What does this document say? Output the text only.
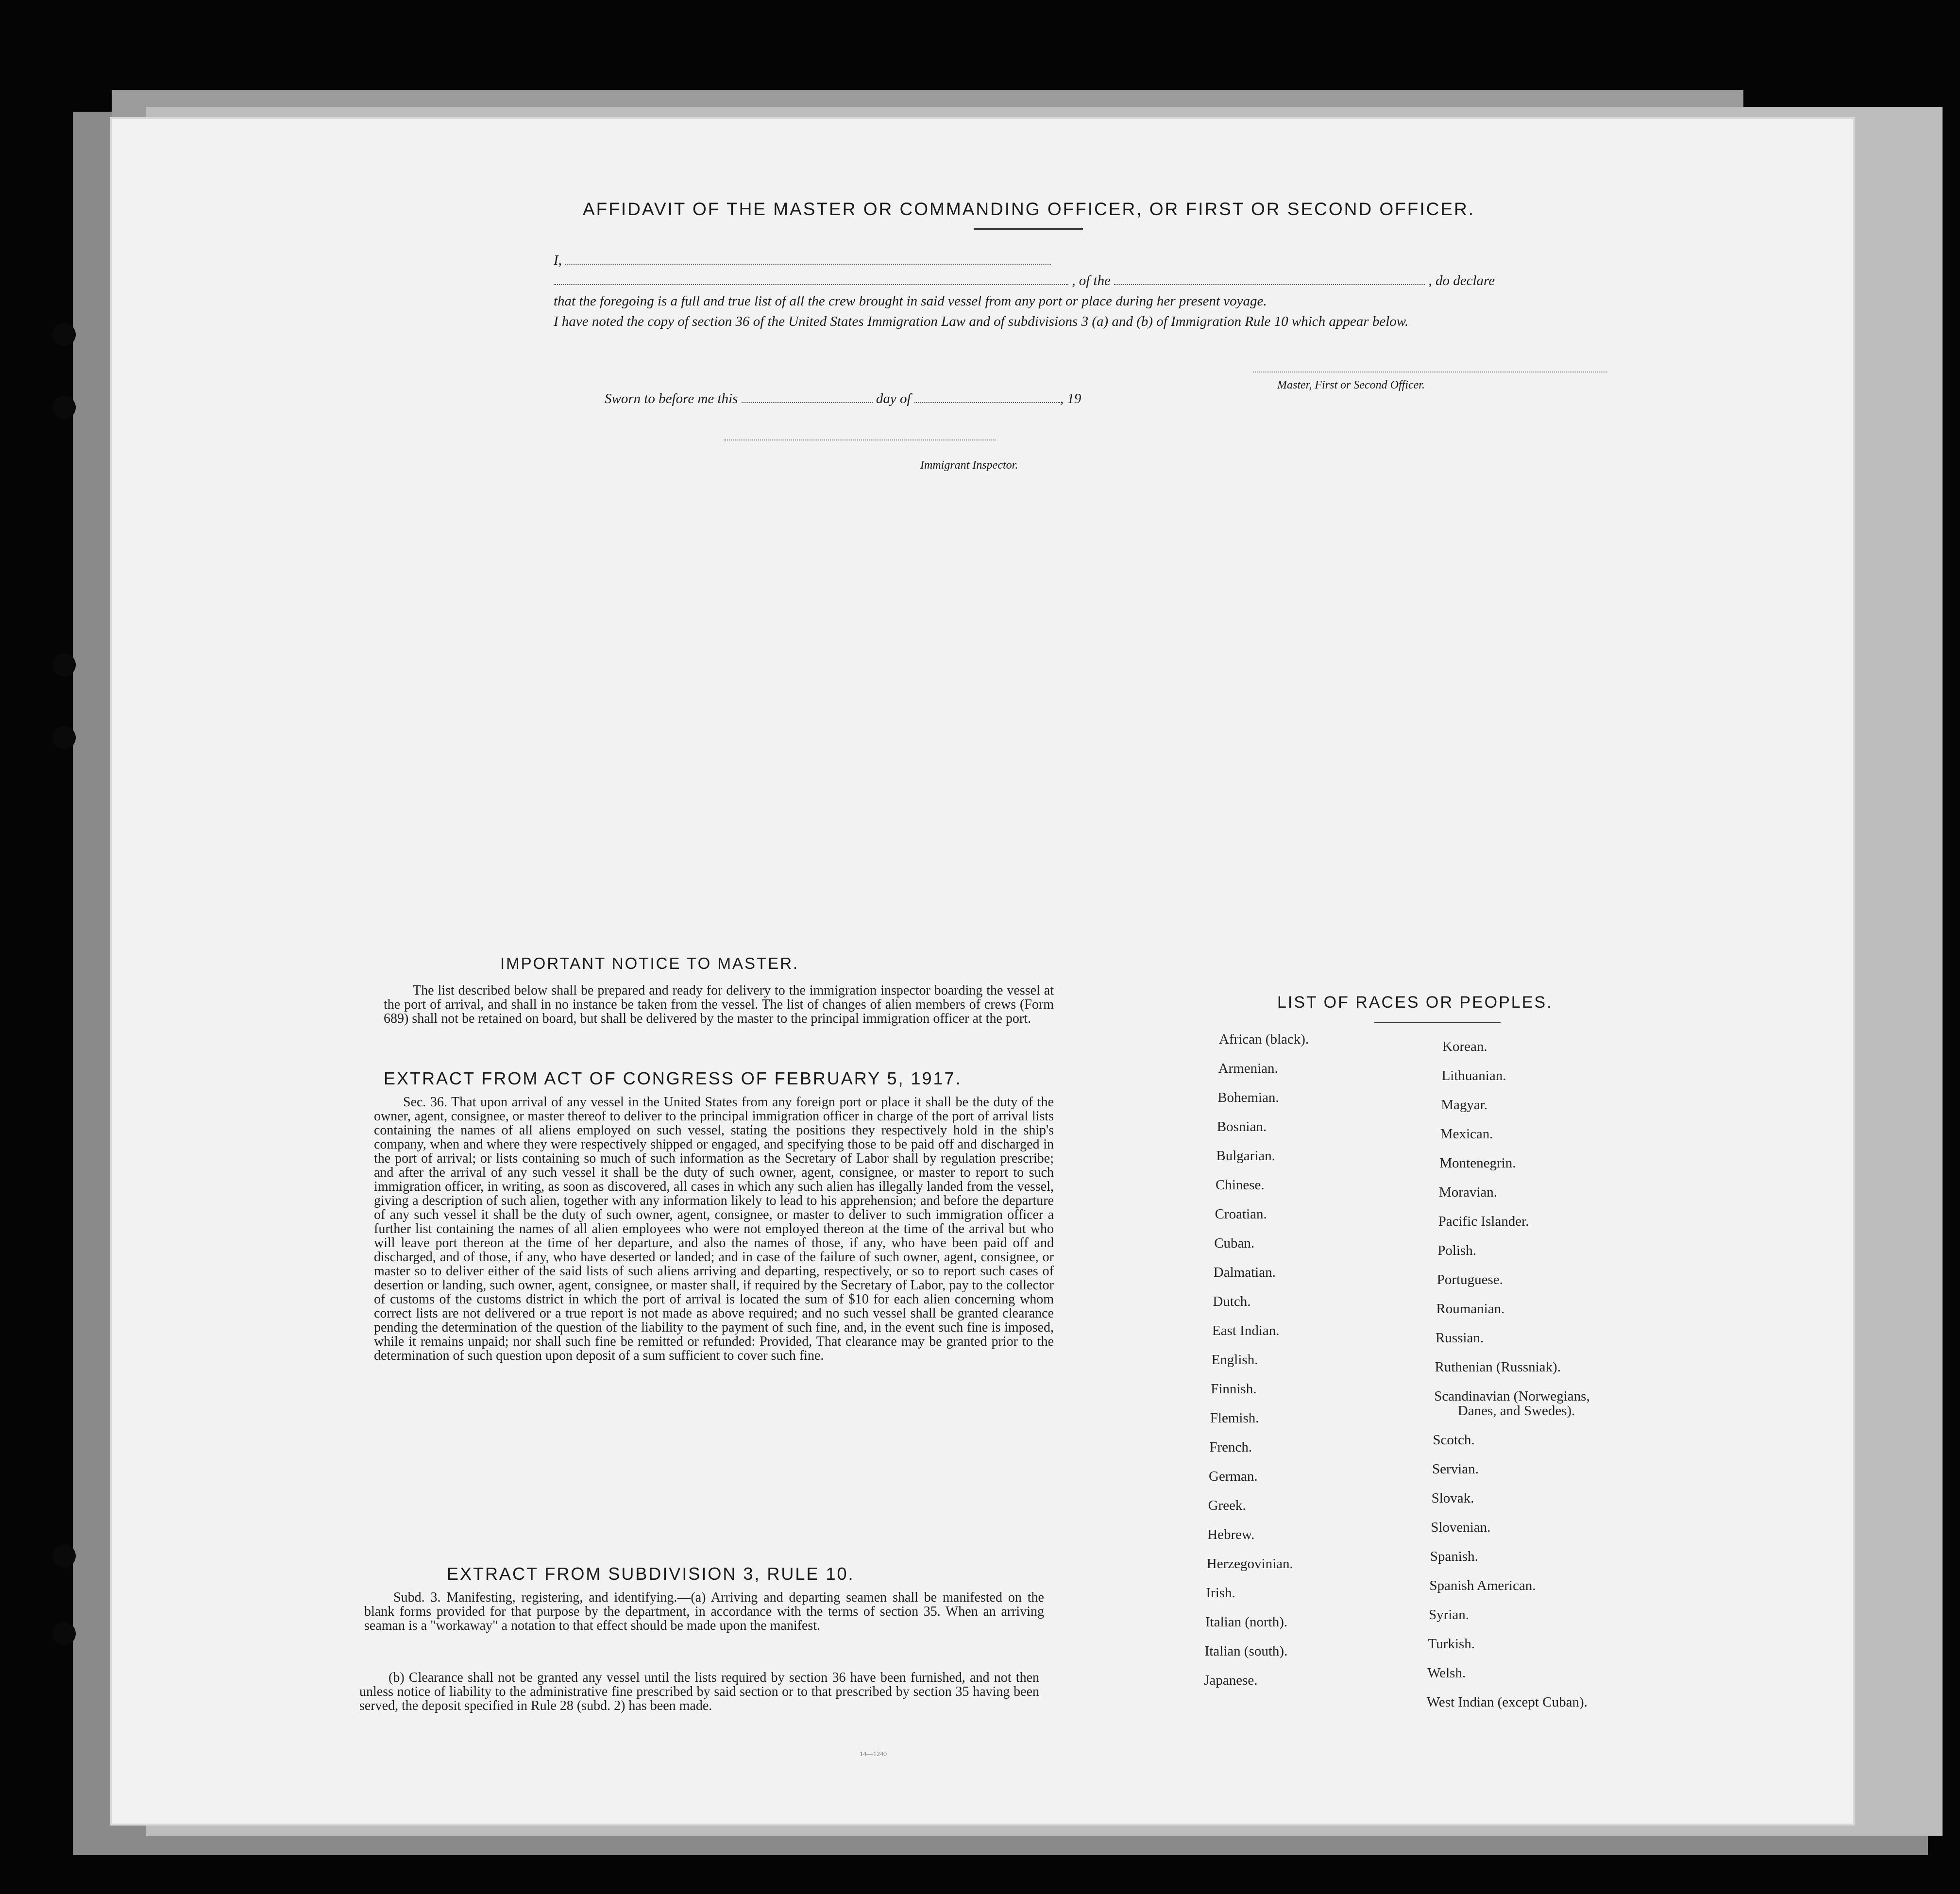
AFFIDAVIT OF THE MASTER OR COMMANDING OFFICER, OR FIRST OR SECOND OFFICER.
I,
, of the	, do declare
that the foregoing is a full and true list of all the crew brought in said vessel from any port or place during her present voyage.
I have noted the copy of section 36 of the United States Immigration Law and of subdivisions 3 (a) and (b) of Immigration Rule 10 which appear below.
Master, First or Second Officer.
Sworn to before me this	day of	, 19
Immigrant Inspector.
IMPORTANT NOTICE TO MASTER.
The list described below shall be prepared and ready for delivery to the immigration inspector boarding the vessel at the port of arrival, and shall in no instance be taken from the vessel. The list of changes of alien members of crews (Form 689) shall not be retained on board, but shall be delivered by the master to the principal immigration officer at the port.
EXTRACT FROM ACT OF CONGRESS OF FEBRUARY 5, 1917.
Sec. 36. That upon arrival of any vessel in the United States from any foreign port or place it shall be the duty of the owner, agent, consignee, or master thereof to deliver to the principal immigration officer in charge of the port of arrival lists containing the names of all aliens employed on such vessel, stating the positions they respectively hold in the ship's company, when and where they were respectively shipped or engaged, and specifying those to be paid off and discharged in the port of arrival; or lists containing so much of such information as the Secretary of Labor shall by regulation prescribe; and after the arrival of any such vessel it shall be the duty of such owner, agent, consignee, or master to report to such immigration officer, in writing, as soon as discovered, all cases in which any such alien has illegally landed from the vessel, giving a description of such alien, together with any information likely to lead to his apprehension; and before the departure of any such vessel it shall be the duty of such owner, agent, consignee, or master to deliver to such immigration officer a further list containing the names of all alien employees who were not employed thereon at the time of the arrival but who will leave port thereon at the time of her departure, and also the names of those, if any, who have been paid off and discharged, and of those, if any, who have deserted or landed; and in case of the failure of such owner, agent, consignee, or master so to deliver either of the said lists of such aliens arriving and departing, respectively, or so to report such cases of desertion or landing, such owner, agent, consignee, or master shall, if required by the Secretary of Labor, pay to the collector of customs of the customs district in which the port of arrival is located the sum of $10 for each alien concerning whom correct lists are not delivered or a true report is not made as above required; and no such vessel shall be granted clearance pending the determination of the question of the liability to the payment of such fine, and, in the event such fine is imposed, while it remains unpaid; nor shall such fine be remitted or refunded: Provided, That clearance may be granted prior to the determination of such question upon deposit of a sum sufficient to cover such fine.
EXTRACT FROM SUBDIVISION 3, RULE 10.
Subd. 3. Manifesting, registering, and identifying.—(a) Arriving and departing seamen shall be manifested on the blank forms provided for that purpose by the department, in accordance with the terms of section 35. When an arriving seaman is a "workaway" a notation to that effect should be made upon the manifest.
(b) Clearance shall not be granted any vessel until the lists required by section 36 have been furnished, and not then unless notice of liability to the administrative fine prescribed by said section or to that prescribed by section 35 having been served, the deposit specified in Rule 28 (subd. 2) has been made.
14—1240
LIST OF RACES OR PEOPLES.
African (black).
Armenian.
Bohemian.
Bosnian.
Bulgarian.
Chinese.
Croatian.
Cuban.
Dalmatian.
Dutch.
East Indian.
English.
Finnish.
Flemish.
French.
German.
Greek.
Hebrew.
Herzegovinian.
Irish.
Italian (north).
Italian (south).
Japanese.
Korean.
Lithuanian.
Magyar.
Mexican.
Montenegrin.
Moravian.
Pacific Islander.
Polish.
Portuguese.
Roumanian.
Russian.
Ruthenian (Russniak).
Scandinavian (Norwegians,
Danes, and Swedes).
Scotch.
Servian.
Slovak.
Slovenian.
Spanish.
Spanish American.
Syrian.
Turkish.
Welsh.
West Indian (except Cuban).
